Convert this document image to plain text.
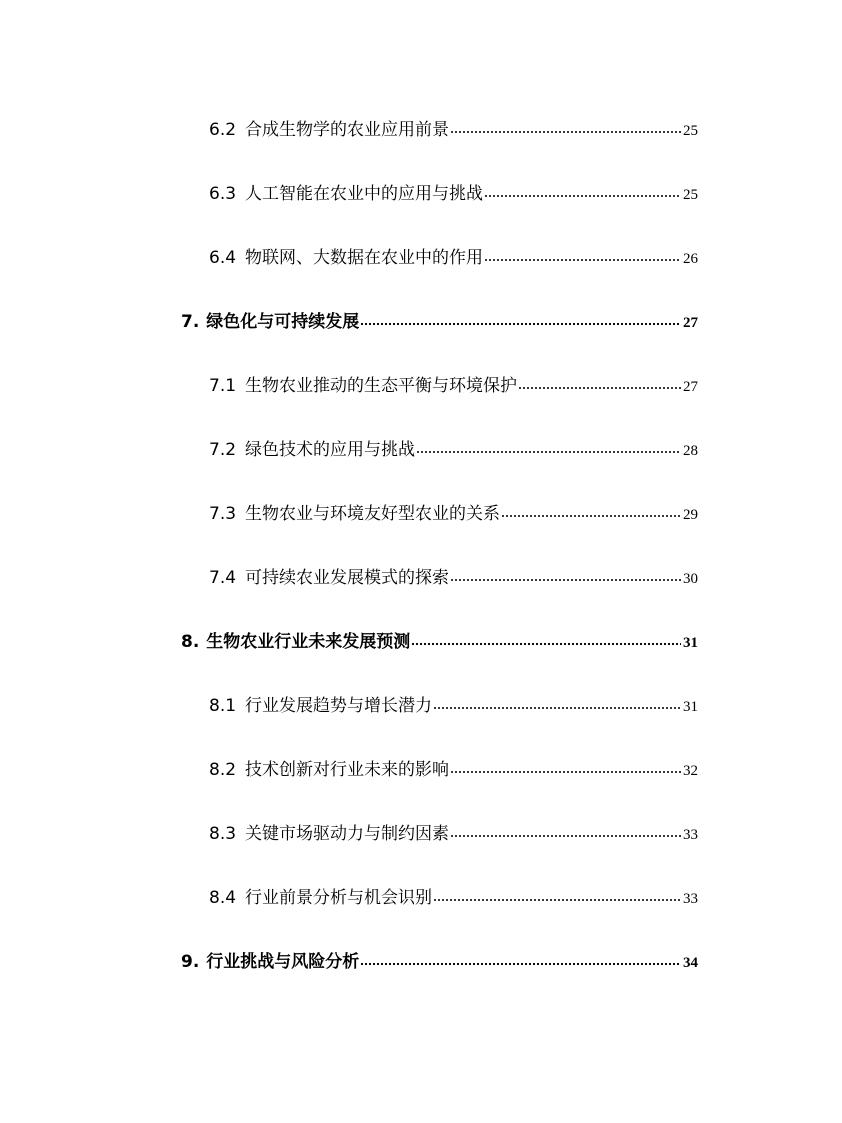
6.2 合成生物学的农业应用前景	25
6.3 人工智能在农业中的应用与挑战	25
6.4 物联网、大数据在农业中的作用	26
7. 绿色化与可持续发展	27
7.1 生物农业推动的生态平衡与环境保护	27
7.2 绿色技术的应用与挑战	28
7.3 生物农业与环境友好型农业的关系	29
7.4 可持续农业发展模式的探索	30
8. 生物农业行业未来发展预测	31
8.1 行业发展趋势与增长潜力	31
8.2 技术创新对行业未来的影响	32
8.3 关键市场驱动力与制约因素	33
8.4 行业前景分析与机会识别	33
9. 行业挑战与风险分析	34
